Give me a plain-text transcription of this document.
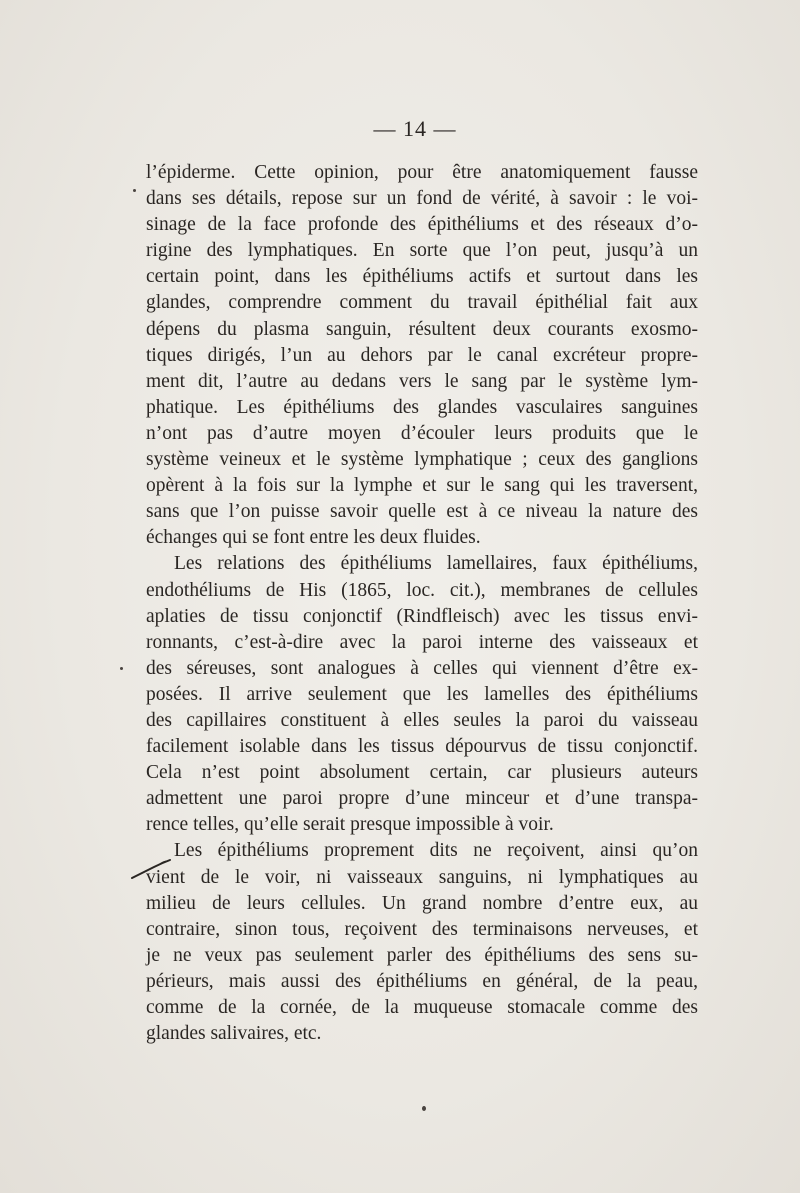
— 14 —
l’épiderme. Cette opinion, pour être anatomiquement fausse
dans ses détails, repose sur un fond de vérité, à savoir : le voi-
sinage de la face profonde des épithéliums et des réseaux d’o-
rigine des lymphatiques. En sorte que l’on peut, jusqu’à un
certain point, dans les épithéliums actifs et surtout dans les
glandes, comprendre comment du travail épithélial fait aux
dépens du plasma sanguin, résultent deux courants exosmo-
tiques dirigés, l’un au dehors par le canal excréteur propre-
ment dit, l’autre au dedans vers le sang par le système lym-
phatique. Les épithéliums des glandes vasculaires sanguines
n’ont pas d’autre moyen d’écouler leurs produits que le
système veineux et le système lymphatique ; ceux des ganglions
opèrent à la fois sur la lymphe et sur le sang qui les traversent,
sans que l’on puisse savoir quelle est à ce niveau la nature des
échanges qui se font entre les deux fluides.
Les relations des épithéliums lamellaires, faux épithéliums,
endothéliums de His (1865, loc. cit.), membranes de cellules
aplaties de tissu conjonctif (Rindfleisch) avec les tissus envi-
ronnants, c’est-à-dire avec la paroi interne des vaisseaux et
des séreuses, sont analogues à celles qui viennent d’être ex-
posées. Il arrive seulement que les lamelles des épithéliums
des capillaires constituent à elles seules la paroi du vaisseau
facilement isolable dans les tissus dépourvus de tissu conjonctif.
Cela n’est point absolument certain, car plusieurs auteurs
admettent une paroi propre d’une minceur et d’une transpa-
rence telles, qu’elle serait presque impossible à voir.
Les épithéliums proprement dits ne reçoivent, ainsi qu’on
vient de le voir, ni vaisseaux sanguins, ni lymphatiques au
milieu de leurs cellules. Un grand nombre d’entre eux, au
contraire, sinon tous, reçoivent des terminaisons nerveuses, et
je ne veux pas seulement parler des épithéliums des sens su-
périeurs, mais aussi des épithéliums en général, de la peau,
comme de la cornée, de la muqueuse stomacale comme des
glandes salivaires, etc.
